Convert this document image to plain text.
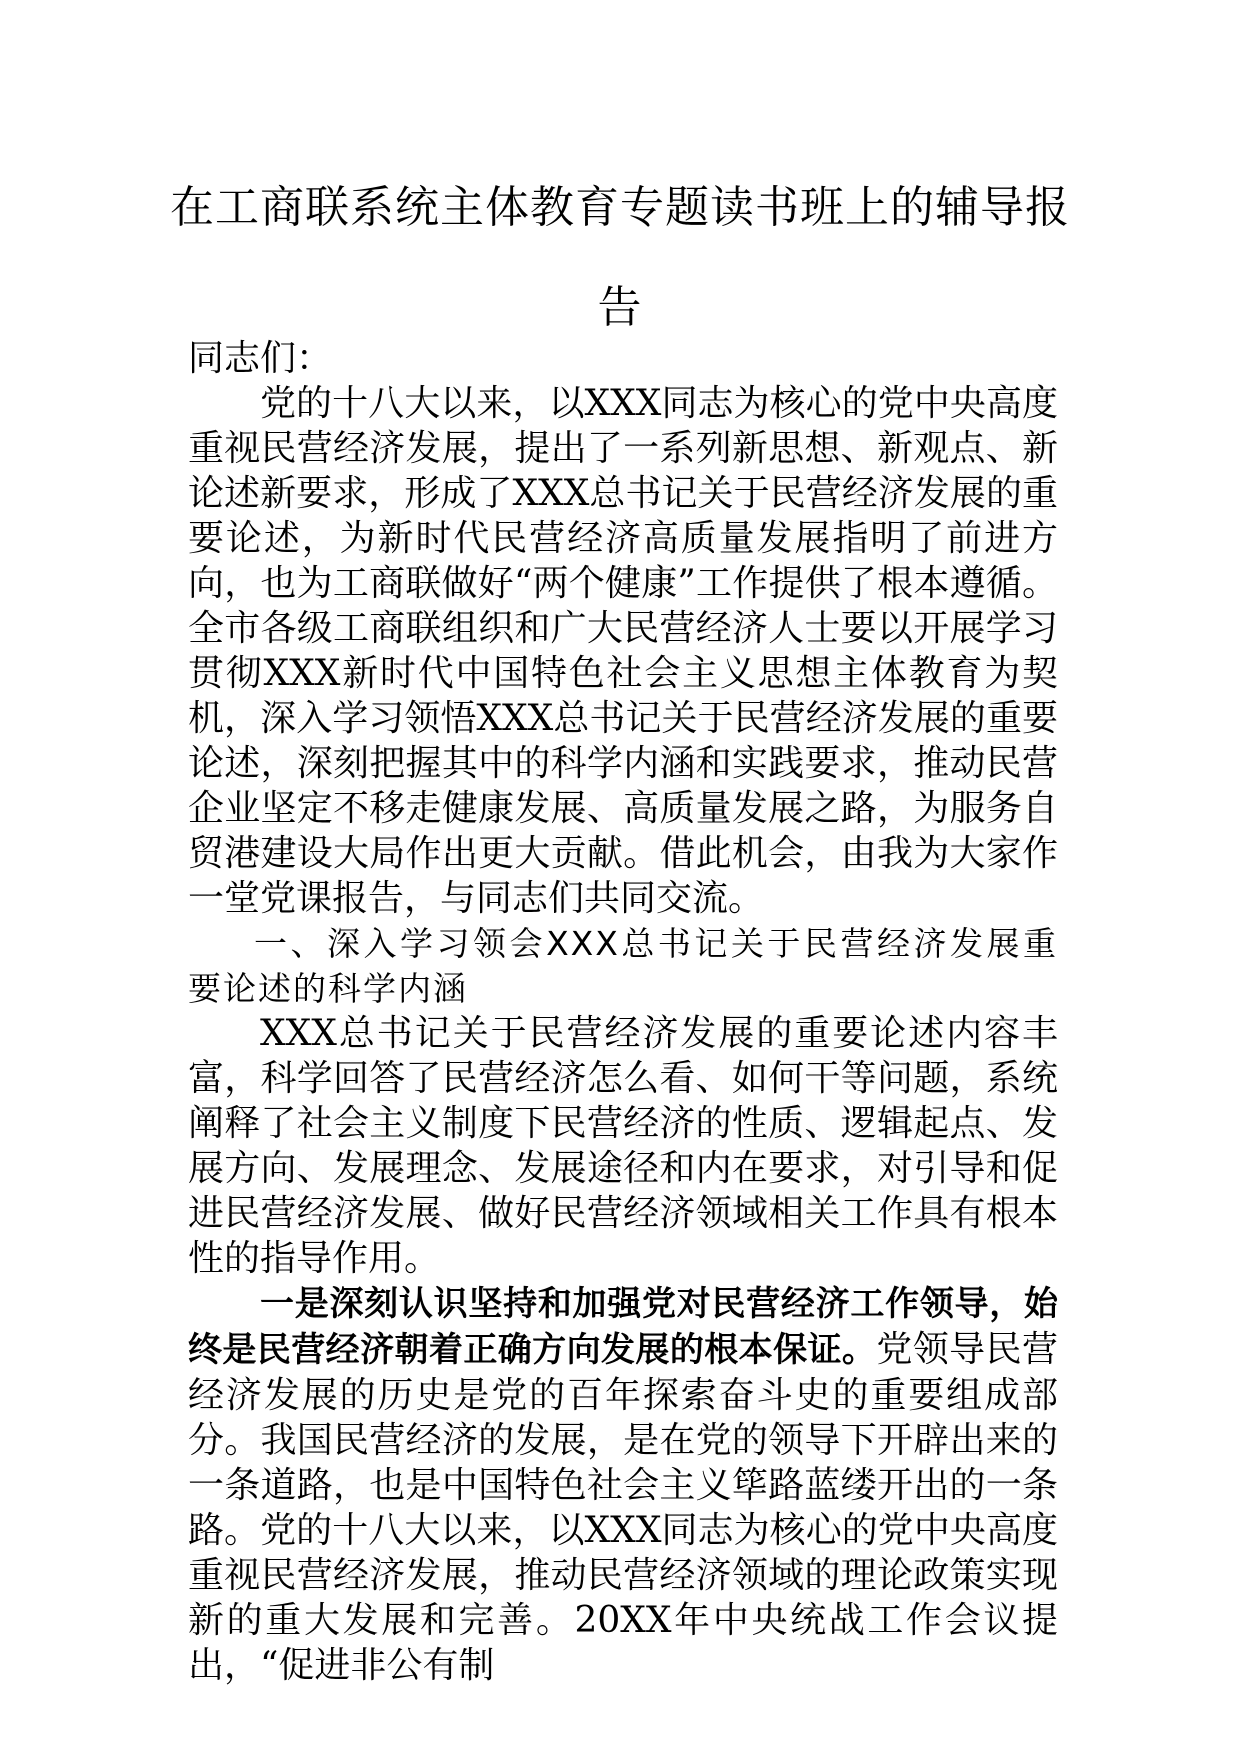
在工商联系统主体教育专题读书班上的辅导报告

同志们：

党的十八大以来，以XXX同志为核心的党中央高度重视民营经济发展，提出了一系列新思想、新观点、新论述新要求，形成了XXX总书记关于民营经济发展的重要论述，为新时代民营经济高质量发展指明了前进方向，也为工商联做好“两个健康”工作提供了根本遵循。全市各级工商联组织和广大民营经济人士要以开展学习贯彻XXX新时代中国特色社会主义思想主体教育为契机，深入学习领悟XXX总书记关于民营经济发展的重要论述，深刻把握其中的科学内涵和实践要求，推动民营企业坚定不移走健康发展、高质量发展之路，为服务自贸港建设大局作出更大贡献。借此机会，由我为大家作一堂党课报告，与同志们共同交流。

一、深入学习领会XXX总书记关于民营经济发展重要论述的科学内涵

XXX总书记关于民营经济发展的重要论述内容丰富，科学回答了民营经济怎么看、如何干等问题，系统阐释了社会主义制度下民营经济的性质、逻辑起点、发展方向、发展理念、发展途径和内在要求，对引导和促进民营经济发展、做好民营经济领域相关工作具有根本性的指导作用。

一是深刻认识坚持和加强党对民营经济工作领导，始终是民营经济朝着正确方向发展的根本保证。党领导民营经济发展的历史是党的百年探索奋斗史的重要组成部分。我国民营经济的发展，是在党的领导下开辟出来的一条道路，也是中国特色社会主义筚路蓝缕开出的一条路。党的十八大以来，以XXX同志为核心的党中央高度重视民营经济发展，推动民营经济领域的理论政策实现新的重大发展和完善。20XX年中央统战工作会议提出，“促进非公有制
